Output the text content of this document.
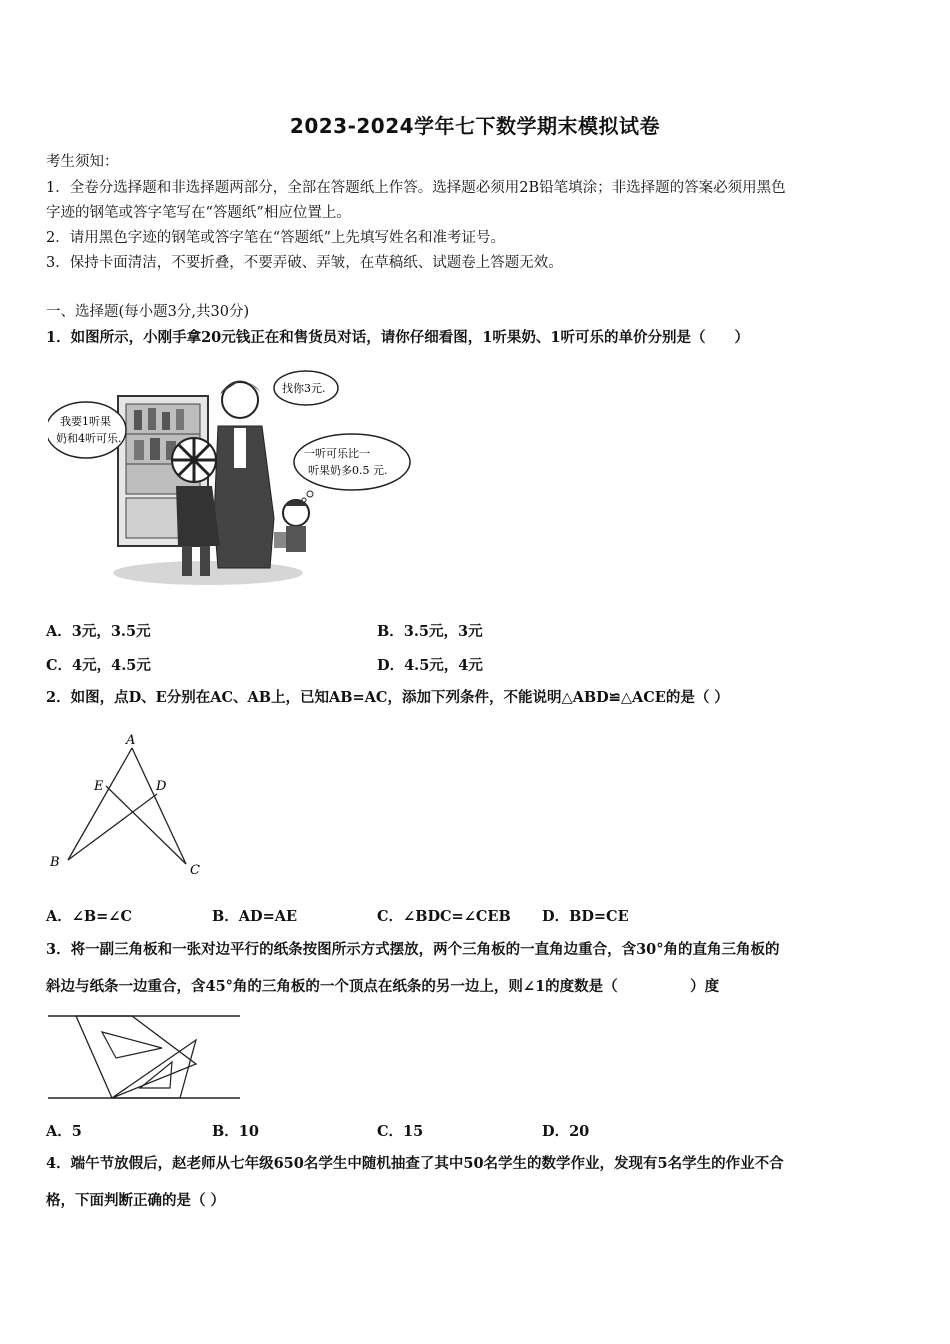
2023-2024学年七下数学期末模拟试卷
考生须知：
1．全卷分选择题和非选择题两部分，全部在答题纸上作答。选择题必须用2B铅笔填涂；非选择题的答案必须用黑色
字迹的钢笔或答字笔写在“答题纸”相应位置上。
2．请用黑色字迹的钢笔或答字笔在“答题纸”上先填写姓名和准考证号。
3．保持卡面清洁，不要折叠，不要弄破、弄皱，在草稿纸、试题卷上答题无效。
一、选择题(每小题3分,共30分)
1．如图所示，小刚手拿20元钱正在和售货员对话，请你仔细看图，1听果奶、1听可乐的单价分别是（　　）
我要1听果
奶和4听可乐.
找你3元.
一听可乐比一
听果奶多0.5 元.
A．3元，3.5元	B．3.5元，3元
C．4元，4.5元	D．4.5元，4元
2．如图，点D、E分别在AC、AB上，已知AB=AC，添加下列条件，不能说明△ABD≌△ACE的是（ ）
A
E	D
B
C
A．∠B=∠C	B．AD=AE	C．∠BDC=∠CEB D．BD=CE
3．将一副三角板和一张对边平行的纸条按图所示方式摆放，两个三角板的一直角边重合，含30°角的直角三角板的
斜边与纸条一边重合，含45°角的三角板的一个顶点在纸条的另一边上，则∠1的度数是（　　　　　）度
A．5	B．10	C．15	D．20
4．端午节放假后，赵老师从七年级650名学生中随机抽查了其中50名学生的数学作业，发现有5名学生的作业不合
格，下面判断正确的是（ ）
